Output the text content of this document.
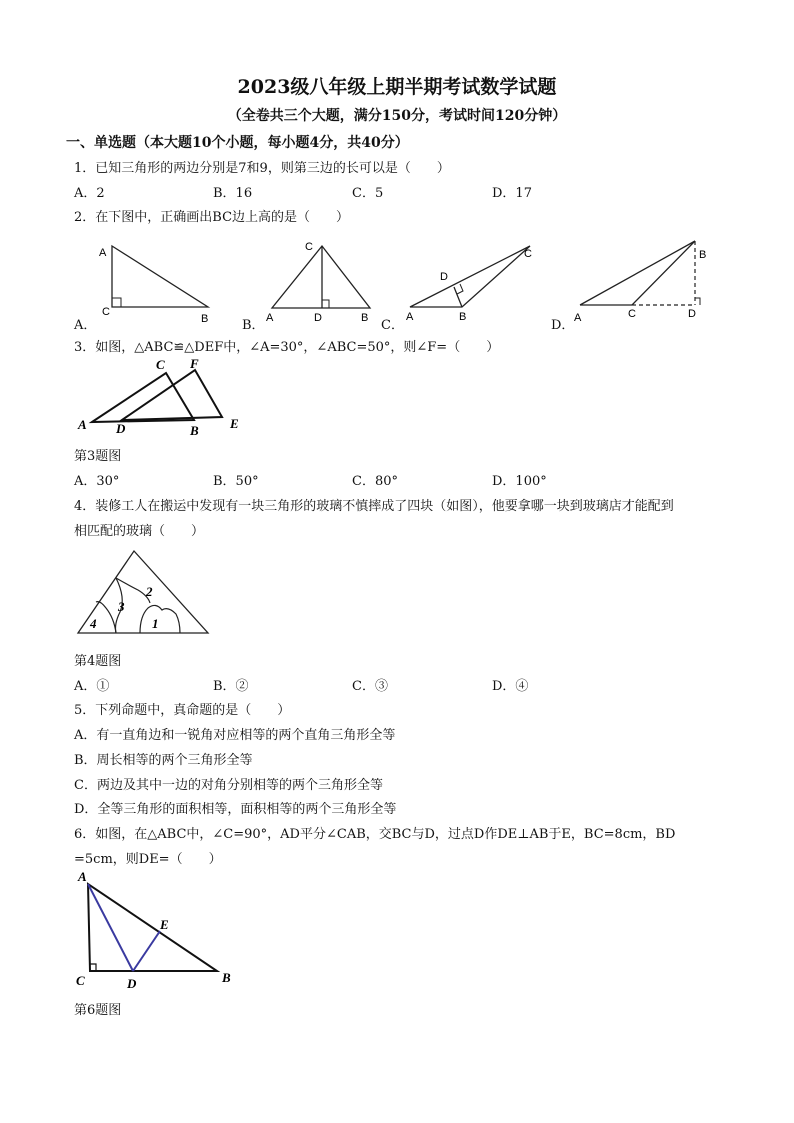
2023级八年级上期半期考试数学试题
（全卷共三个大题，满分150分，考试时间120分钟）
一、单选题（本大题10个小题，每小题4分，共40分）
1．已知三角形的两边分别是7和9，则第三边的长可以是（　　）
A．2	B．16	C．5	D．17
2．在下图中，正确画出BC边上高的是（　　）
A
C
B
A．
C
A	D	B
B．
C
D
A	B
C．
B
A	C	D
D．
3．如图，△ABC≌△DEF中，∠A=30°，∠ABC=50°，则∠F=（　　）
C F
A D	B E
第3题图
A．30°	B．50°	C．80°	D．100°
4．装修工人在搬运中发现有一块三角形的玻璃不慎摔成了四块（如图），他要拿哪一块到玻璃店才能配到
相匹配的玻璃（　　）
2
3
4	1
第4题图
A．①	B．②	C．③	D．④
5．下列命题中，真命题的是（　　）
A．有一直角边和一锐角对应相等的两个直角三角形全等
B．周长相等的两个三角形全等
C．两边及其中一边的对角分别相等的两个三角形全等
D．全等三角形的面积相等，面积相等的两个三角形全等
6．如图，在△ABC中，∠C=90°，AD平分∠CAB，交BC与D，过点D作DE⊥AB于E，BC=8cm，BD
=5cm，则DE=（　　）
A
E
C	D	B
第6题图
